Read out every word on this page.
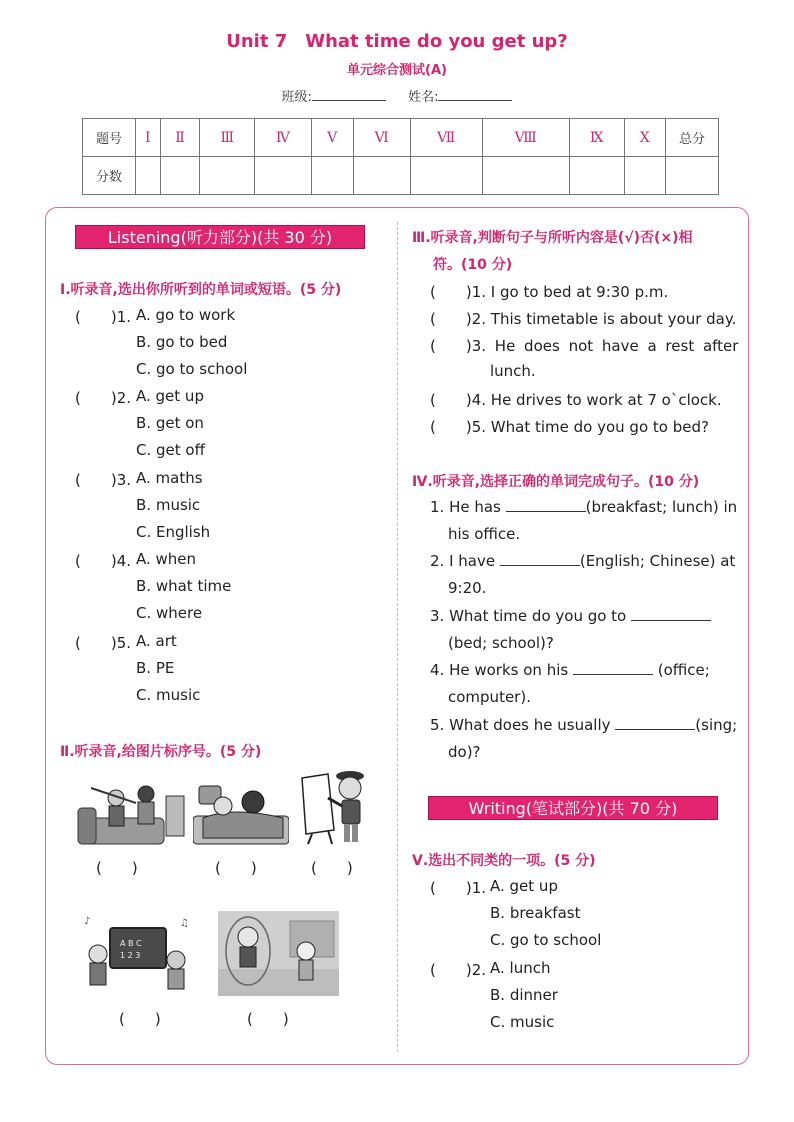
Unit 7　What time do you get up?
单元综合测试(A)
班级:	姓名:
题号	Ⅰ	Ⅱ	Ⅲ	Ⅳ	Ⅴ	Ⅵ	Ⅶ	Ⅷ	Ⅸ	Ⅹ	总分
分数											
Listening(听力部分)(共 30 分)
Ⅰ.听录音,选出你所听到的单词或短语。(5 分)
(　　)1. A. go to work
B. go to bed
C. go to school
(　　)2. A. get up
B. get on
C. get off
(　　)3. A. maths
B. music
C. English
(　　)4. A. when
B. what time
C. where
(　　)5. A. art
B. PE
C. music
Ⅱ.听录音,给图片标序号。(5 分)
(　　)	(　　)	(　　)
A B C
1 2 3
♪	♫
(　　)	(　　)
Ⅲ.听录音,判断句子与所听内容是(√)否(×)相
符。(10 分)
(　　)1. I go to bed at 9:30 p.m.
(　　)2. This timetable is about your day.
(　　)3. He does not have a rest after
lunch.
(　　)4. He drives to work at 7 o`clock.
(　　)5. What time do you go to bed?
Ⅳ.听录音,选择正确的单词完成句子。(10 分)
1. He has	(breakfast; lunch) in
his office.
2. I have	(English; Chinese) at
9:20.
3. What time do you go to
(bed; school)?
4. He works on his	(office;
computer).
5. What does he usually	(sing;
do)?
Writing(笔试部分)(共 70 分)
Ⅴ.选出不同类的一项。(5 分)
(　　)1. A. get up
B. breakfast
C. go to school
(　　)2. A. lunch
B. dinner
C. music
